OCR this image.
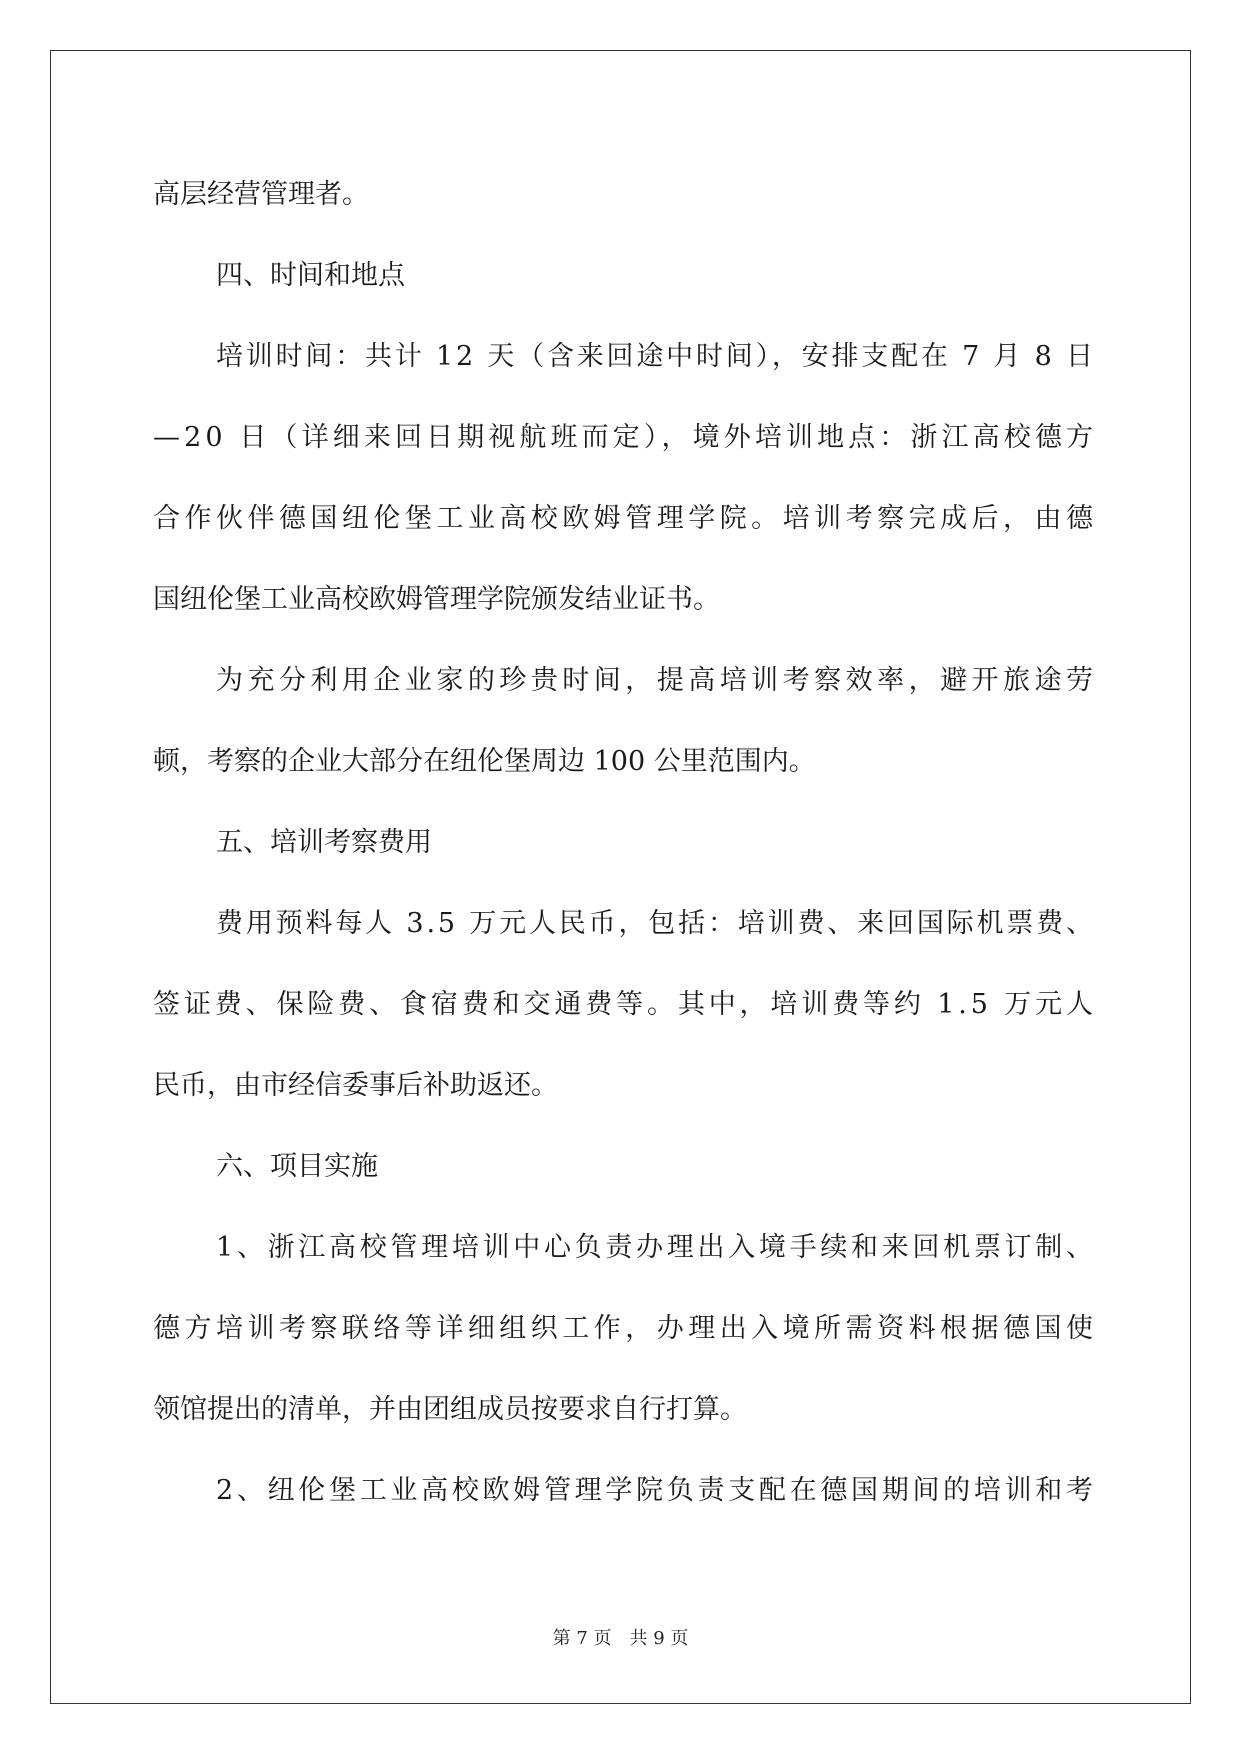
高层经营管理者。
四、时间和地点
培训时间：共计 12 天（含来回途中时间），安排支配在 7 月 8 日
—20 日（详细来回日期视航班而定），境外培训地点：浙江高校德方
合作伙伴德国纽伦堡工业高校欧姆管理学院。培训考察完成后，由德
国纽伦堡工业高校欧姆管理学院颁发结业证书。
为充分利用企业家的珍贵时间，提高培训考察效率，避开旅途劳
顿，考察的企业大部分在纽伦堡周边 100 公里范围内。
五、培训考察费用
费用预料每人 3.5 万元人民币，包括：培训费、来回国际机票费、
签证费、保险费、食宿费和交通费等。其中，培训费等约 1.5 万元人
民币，由市经信委事后补助返还。
六、项目实施
1、浙江高校管理培训中心负责办理出入境手续和来回机票订制、
德方培训考察联络等详细组织工作，办理出入境所需资料根据德国使
领馆提出的清单，并由团组成员按要求自行打算。
2、纽伦堡工业高校欧姆管理学院负责支配在德国期间的培训和考
第 7 页 共 9 页
